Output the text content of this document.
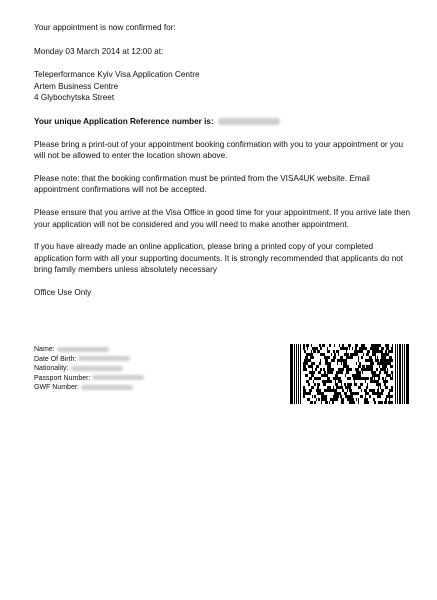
Your appointment is now confirmed for:

Monday 03 March 2014 at 12:00 at:

Teleperformance Kyiv Visa Application Centre

Artem Business Centre

4 Glybochytska Street

Your unique Application Reference number is:

Please bring a print-out of your appointment booking confirmation with you to your appointment or you will not be allowed to enter the location shown above.

Please note: that the booking confirmation must be printed from the VISA4UK website. Email appointment confirmations will not be accepted.

Please ensure that you arrive at the Visa Office in good time for your appointment. If you arrive late then your application will not be considered and you will need to make another appointment.

If you have already made an online application, please bring a printed copy of your completed application form with all your supporting documents. It is strongly recommended that applicants do not bring family members unless absolutely necessary

Office Use Only

Name:
Date Of Birth:
Nationality:
Passport Number:
GWF Number:
